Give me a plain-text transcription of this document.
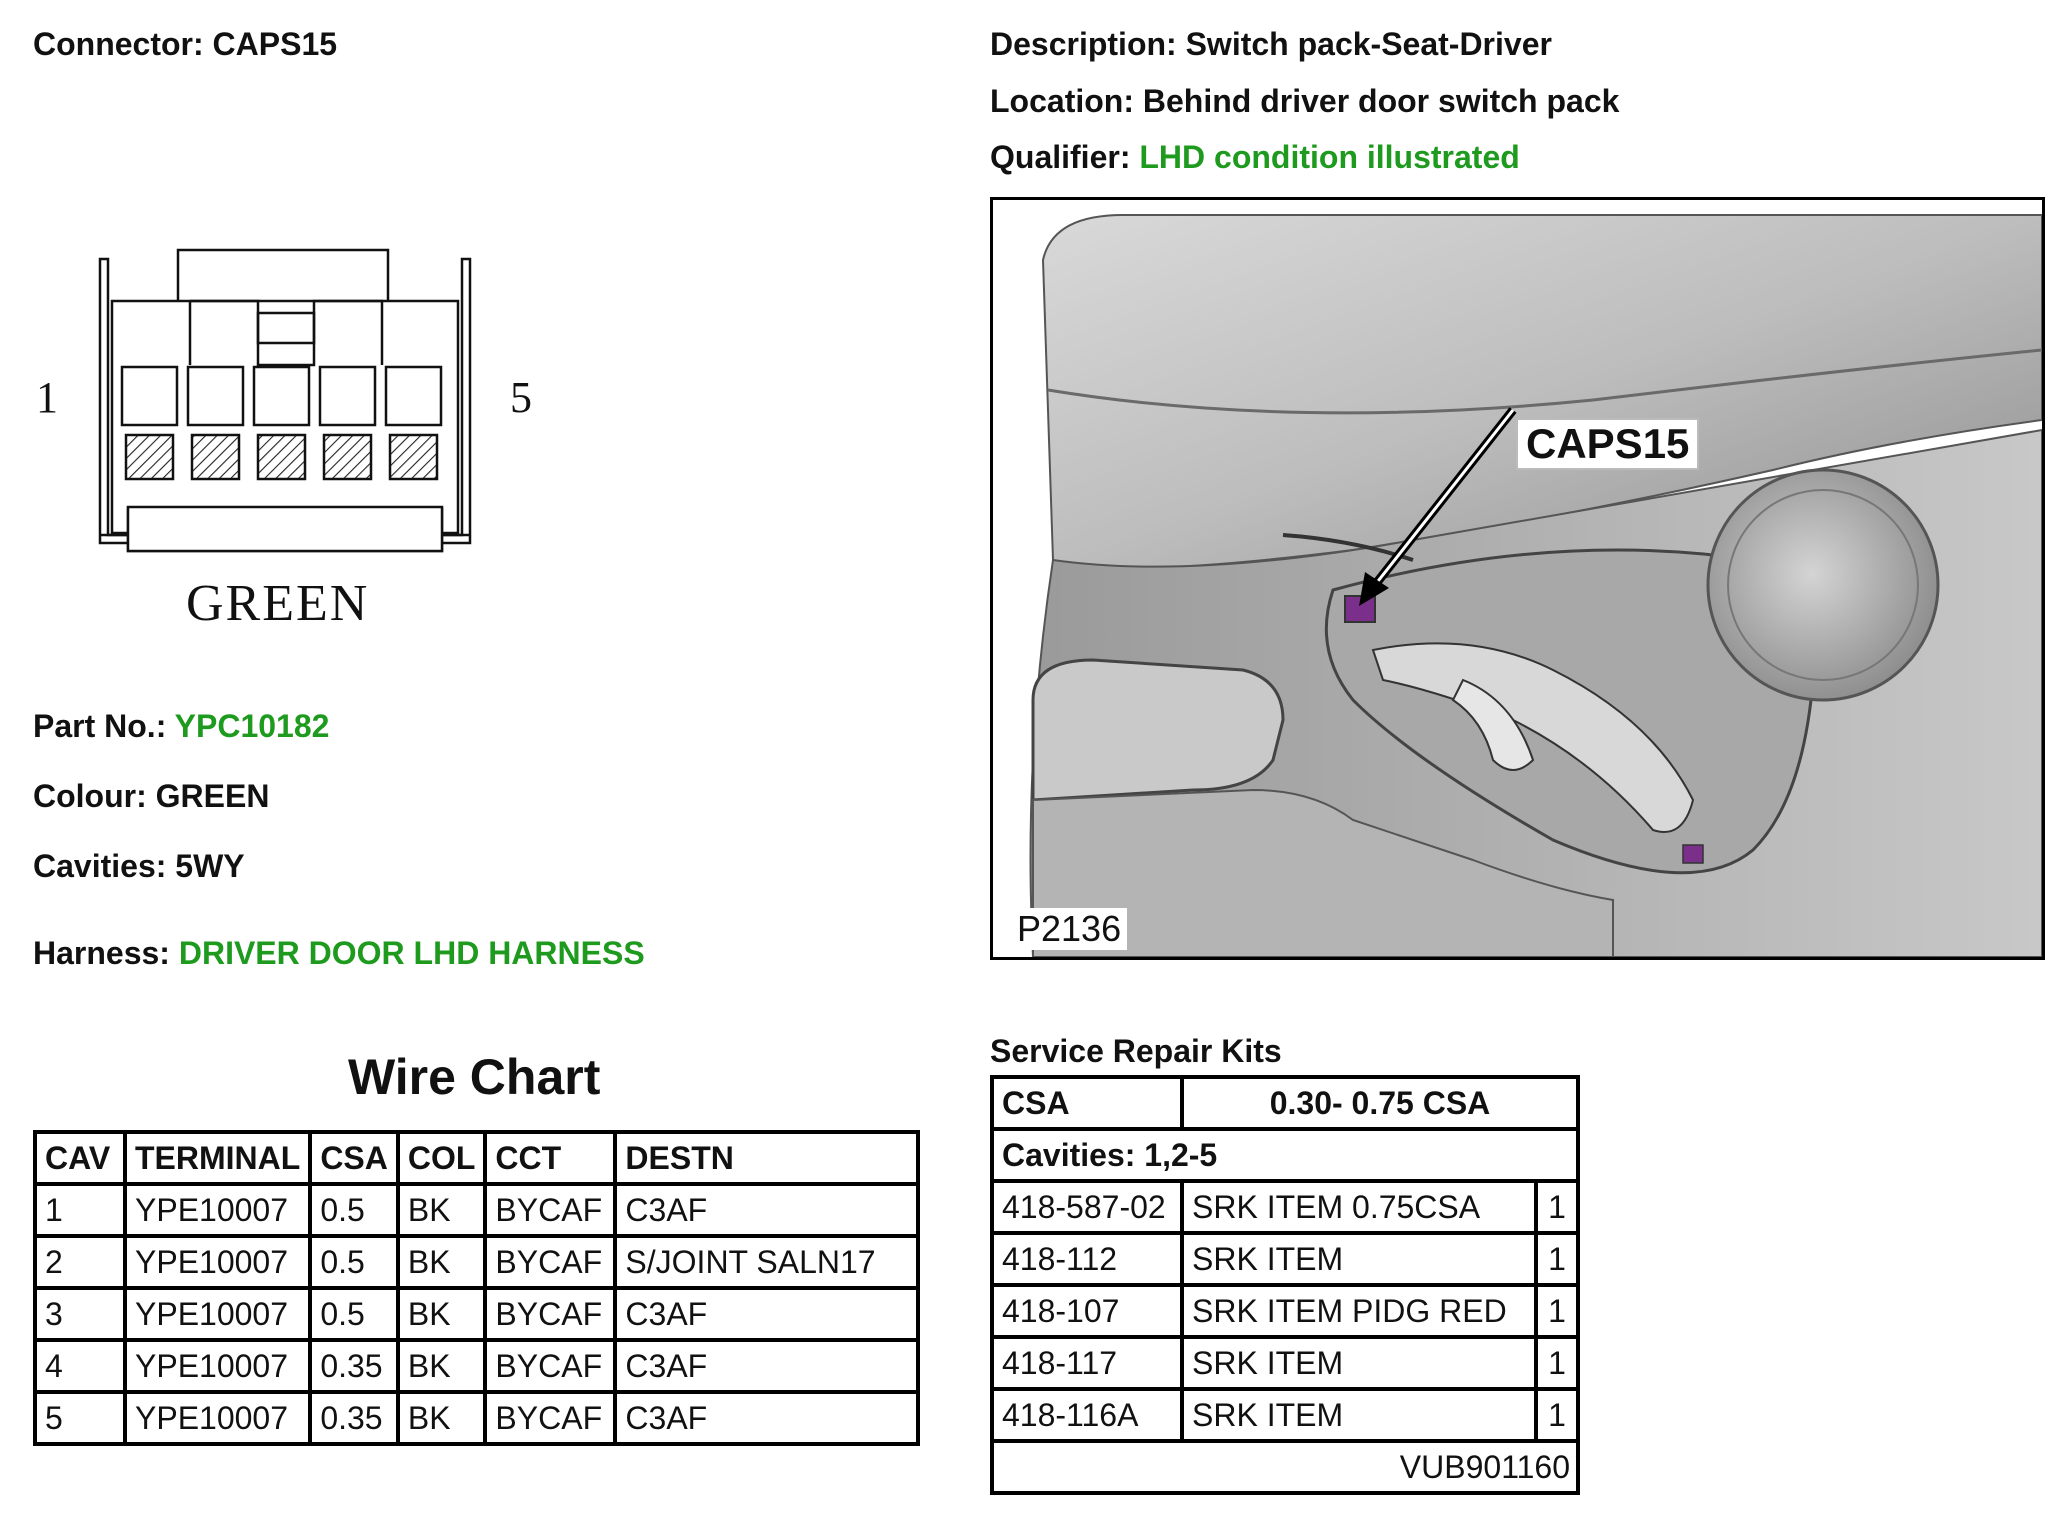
Connector: CAPS15	Description: Switch pack-Seat-Driver
Location: Behind driver door switch pack
Qualifier: LHD condition illustrated
1	5
GREEN
Part No.: YPC10182
Colour: GREEN
Cavities: 5WY
Harness: DRIVER DOOR LHD HARNESS
CAPS15
P2136
Wire Chart
CAV	TERMINAL	CSA	COL	CCT	DESTN
1	YPE10007	0.5	BK	BYCAF	C3AF
2	YPE10007	0.5	BK	BYCAF	S/JOINT SALN17
3	YPE10007	0.5	BK	BYCAF	C3AF
4	YPE10007	0.35	BK	BYCAF	C3AF
5	YPE10007	0.35	BK	BYCAF	C3AF
Service Repair Kits
CSA	0.30- 0.75 CSA	
Cavities: 1,2-5		
418-587-02	SRK ITEM 0.75CSA	1
418-112	SRK ITEM	1
418-107	SRK ITEM PIDG RED	1
418-117	SRK ITEM	1
418-116A	SRK ITEM	1
VUB901160		
